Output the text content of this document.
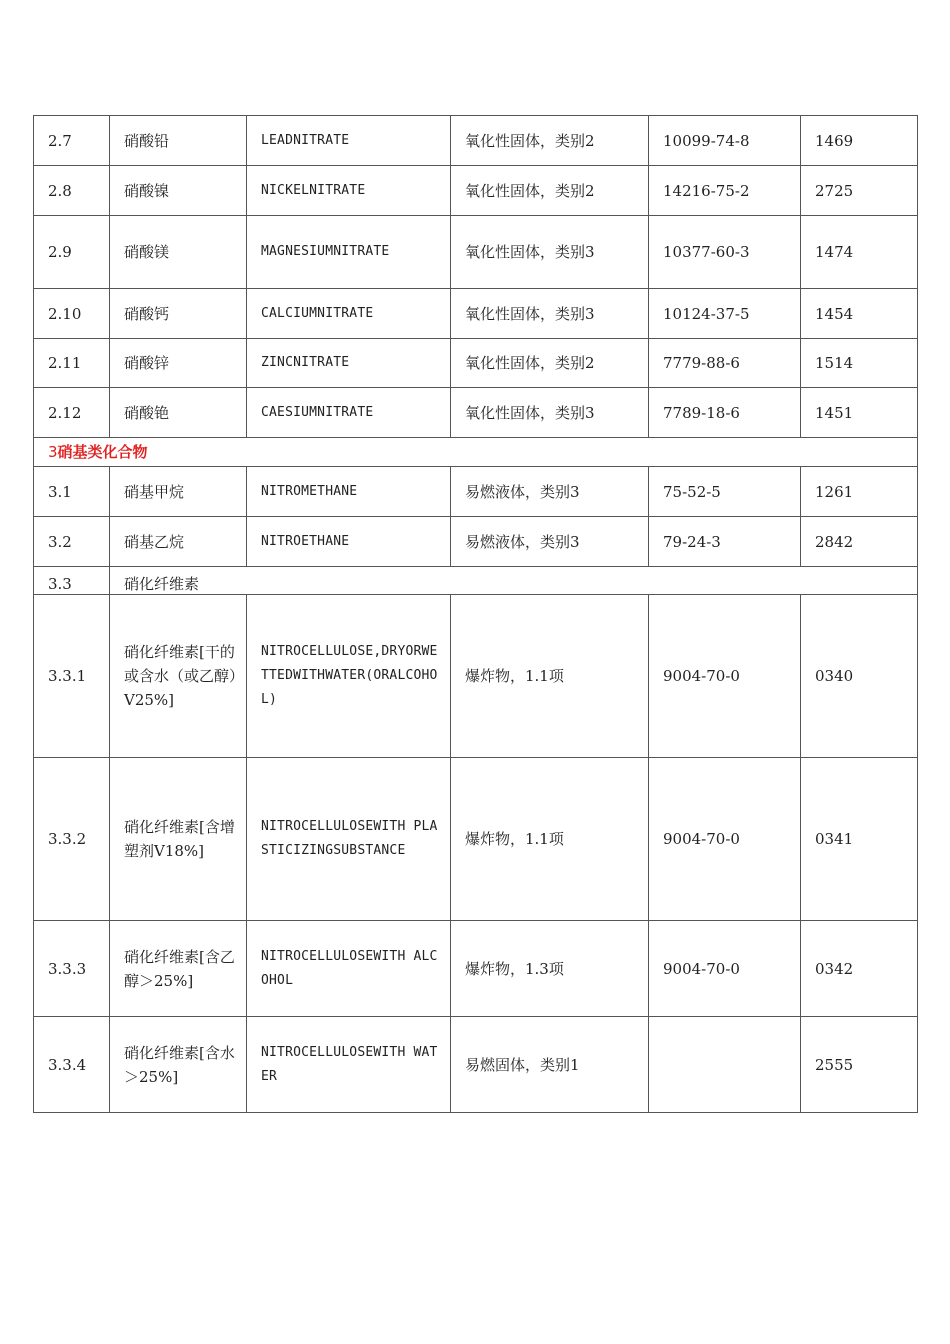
2.7	硝酸铅	LEADNITRATE	氧化性固体，类别2	10099-74-8	1469
2.8	硝酸镍	NICKELNITRATE	氧化性固体，类别2	14216-75-2	2725
2.9	硝酸镁	MAGNESIUMNITRATE	氧化性固体，类别3	10377-60-3	1474
2.10	硝酸钙	CALCIUMNITRATE	氧化性固体，类别3	10124-37-5	1454
2.11	硝酸锌	ZINCNITRATE	氧化性固体，类别2	7779-88-6	1514
2.12	硝酸铯	CAESIUMNITRATE	氧化性固体，类别3	7789-18-6	1451
3硝基类化合物					
3.1	硝基甲烷	NITROMETHANE	易燃液体，类别3	75-52-5	1261
3.2	硝基乙烷	NITROETHANE	易燃液体，类别3	79-24-3	2842
3.3	硝化纤维素				
3.3.1	硝化纤维素[干的或含水（或乙醇）V25%]	NITROCELLULOSE,DRYORWETTEDWITHWATER(ORALCOHOL)	爆炸物，1.1项	9004-70-0	0340
3.3.2	硝化纤维素[含增塑剂V18%]	NITROCELLULOSEWITH PLASTICIZINGSUBSTANCE	爆炸物，1.1项	9004-70-0	0341
3.3.3	硝化纤维素[含乙醇＞25%]	NITROCELLULOSEWITH ALCOHOL	爆炸物，1.3项	9004-70-0	0342
3.3.4	硝化纤维素[含水＞25%]	NITROCELLULOSEWITH WATER	易燃固体，类别1		2555
